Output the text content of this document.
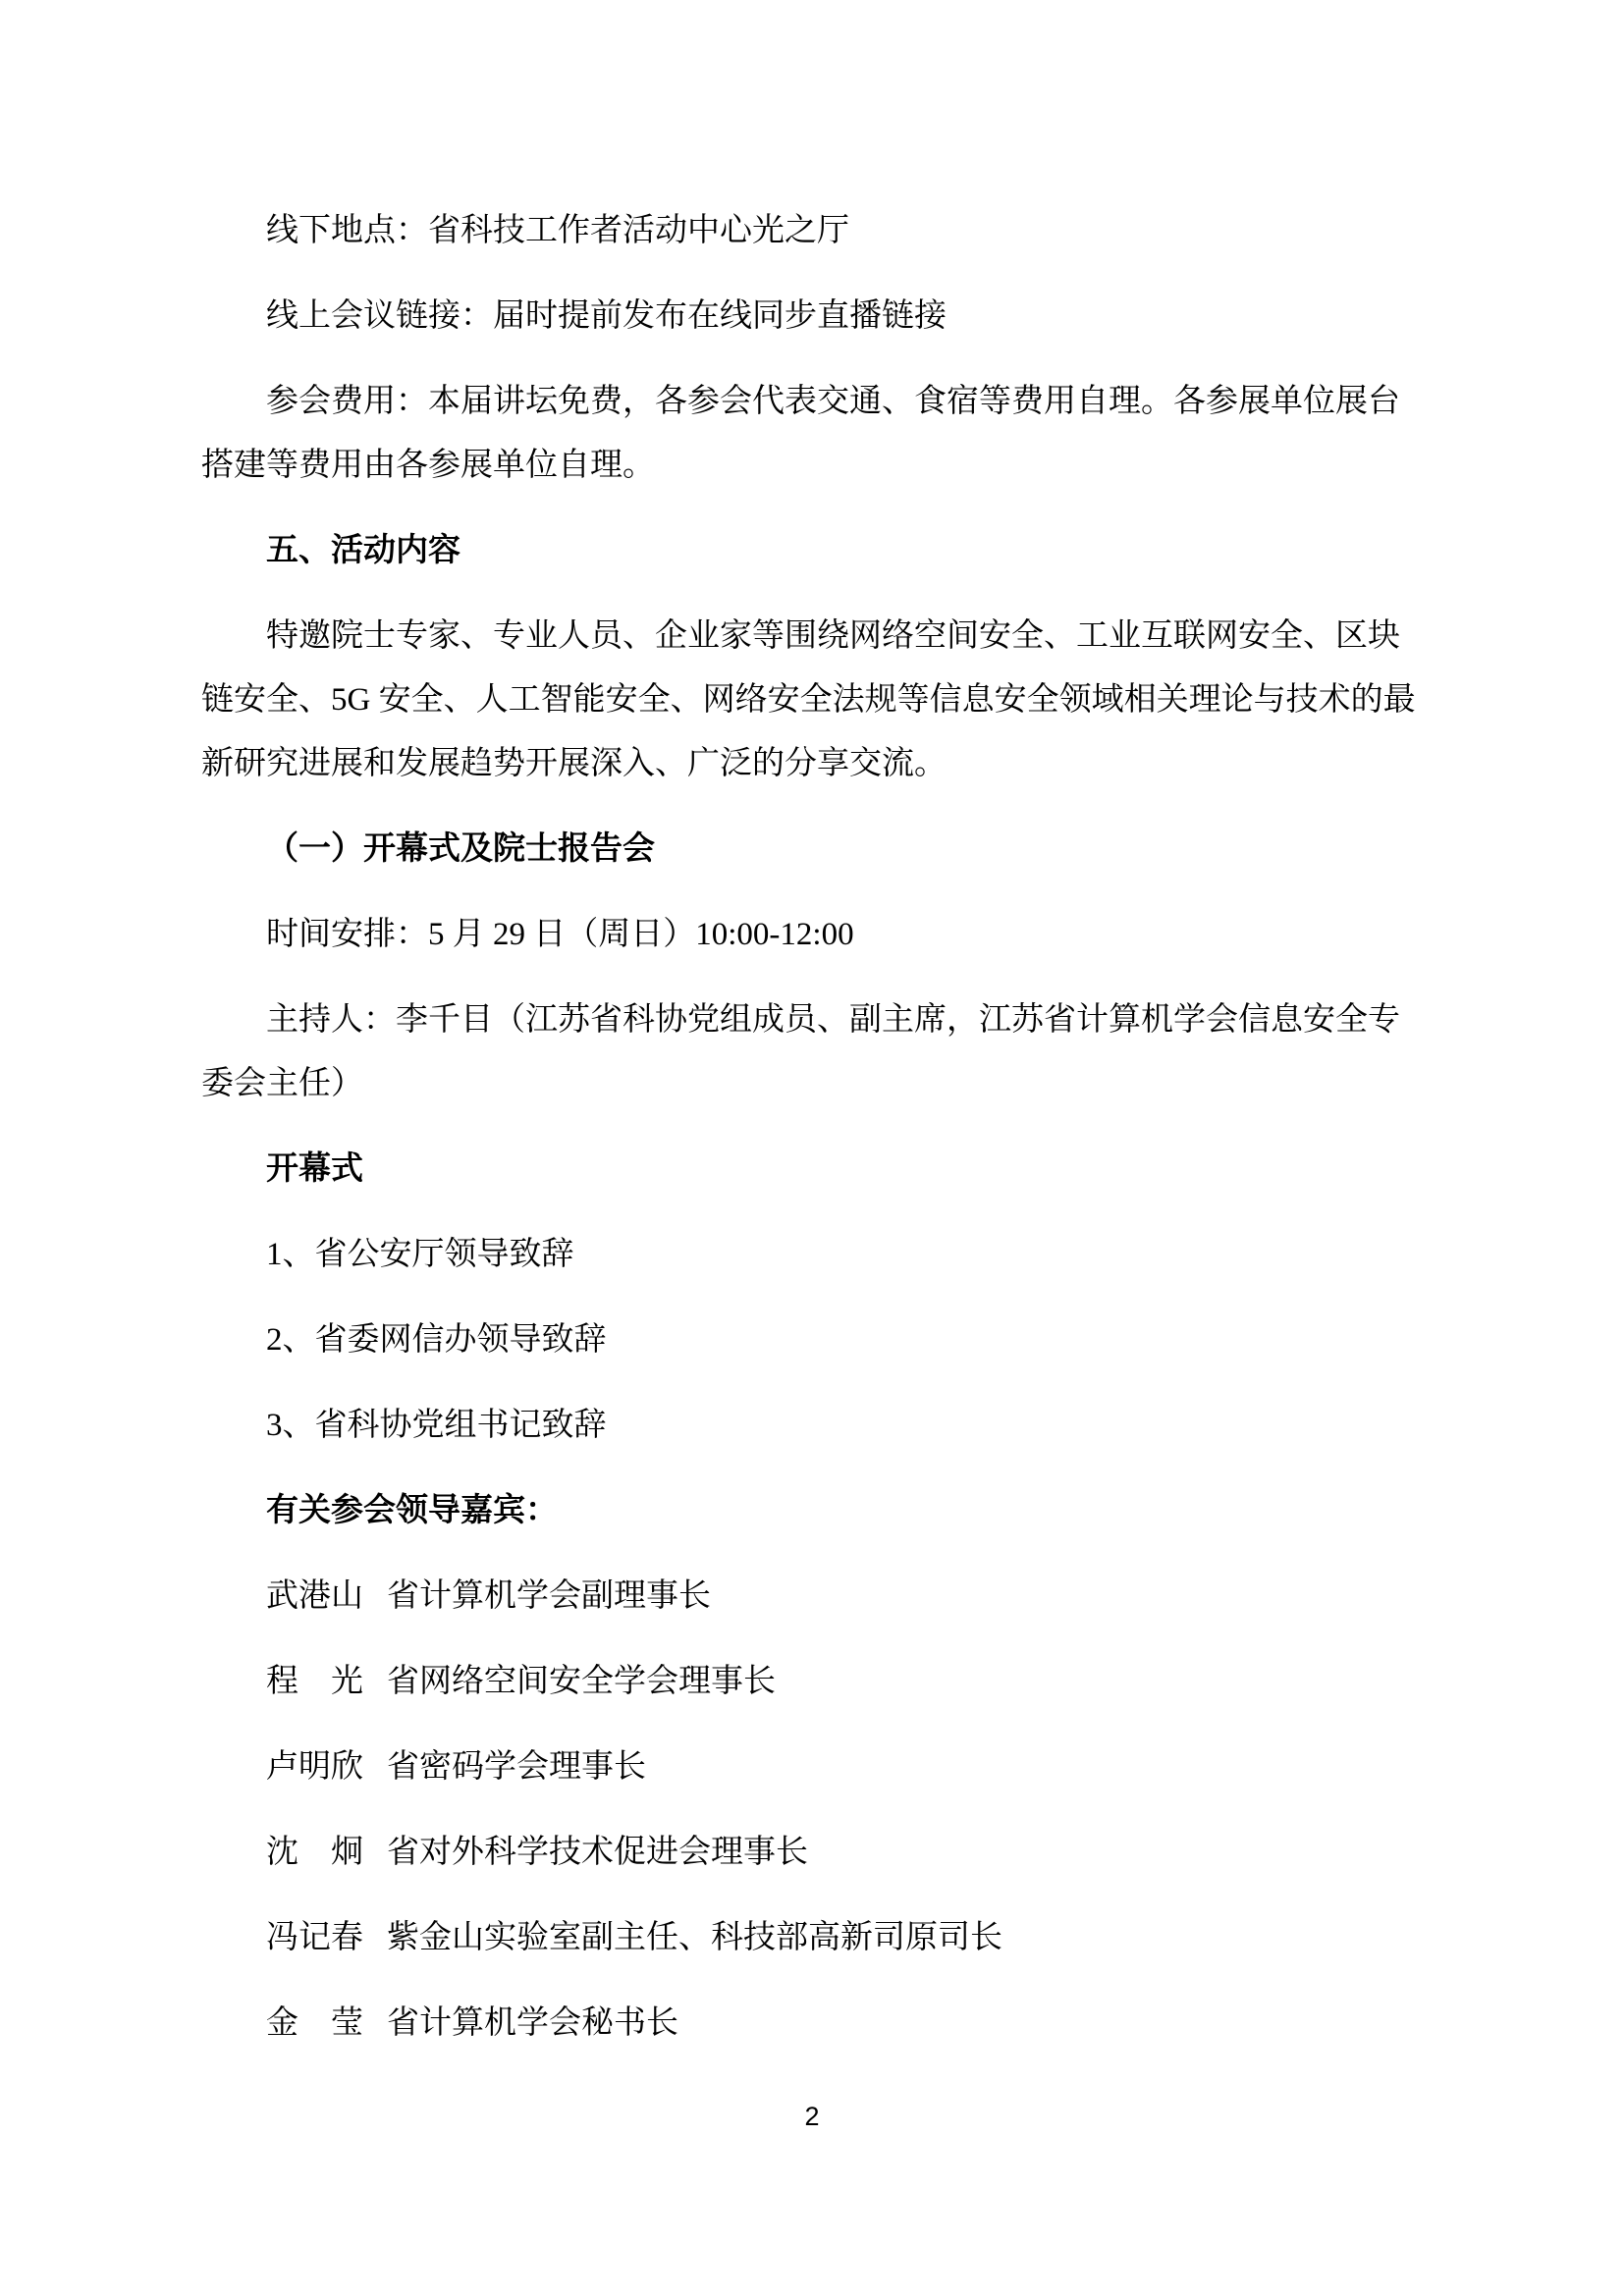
线下地点：省科技工作者活动中心光之厅

线上会议链接：届时提前发布在线同步直播链接

参会费用：本届讲坛免费，各参会代表交通、食宿等费用自理。各参展单位展台

搭建等费用由各参展单位自理。

五、活动内容

特邀院士专家、专业人员、企业家等围绕网络空间安全、工业互联网安全、区块

链安全、5G 安全、人工智能安全、网络安全法规等信息安全领域相关理论与技术的最

新研究进展和发展趋势开展深入、广泛的分享交流。

（一）开幕式及院士报告会

时间安排：5 月 29 日（周日）10:00-12:00

主持人：李千目（江苏省科协党组成员、副主席，江苏省计算机学会信息安全专

委会主任）

开幕式

1、省公安厅领导致辞

2、省委网信办领导致辞

3、省科协党组书记致辞

有关参会领导嘉宾：

武港山 省计算机学会副理事长
程　光 省网络空间安全学会理事长
卢明欣 省密码学会理事长
沈　炯 省对外科学技术促进会理事长
冯记春 紫金山实验室副主任、科技部高新司原司长
金　莹 省计算机学会秘书长
2
